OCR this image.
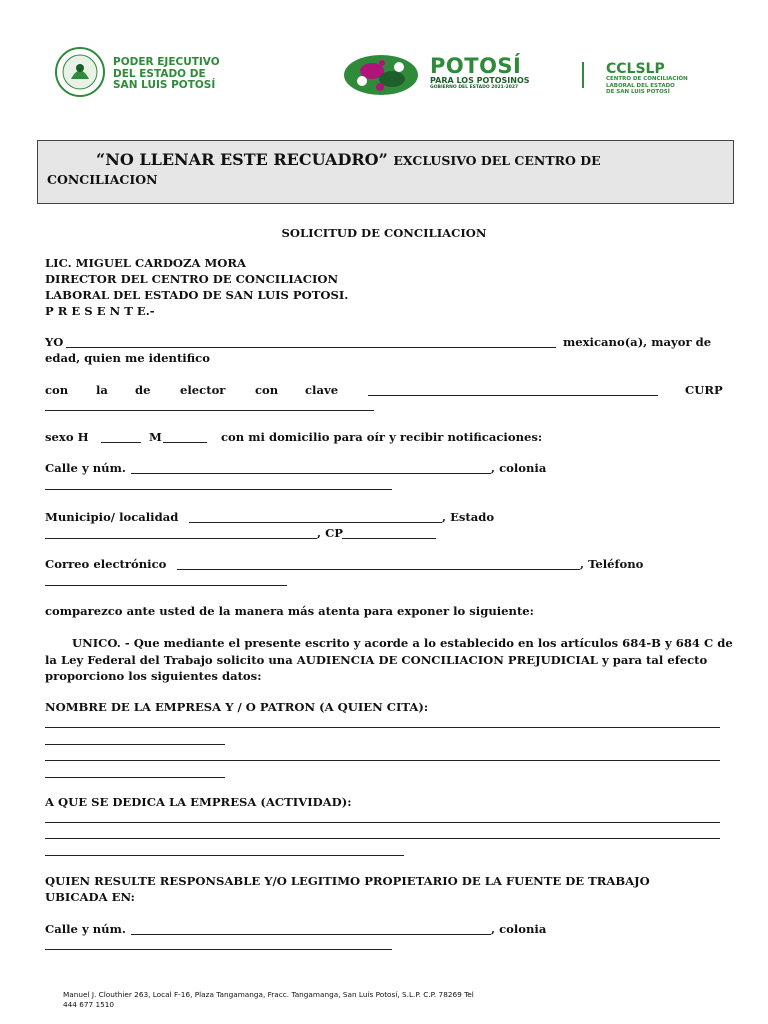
PODER EJECUTIVO
DEL ESTADO DE
SAN LUIS POTOSÍ
POTOSÍ
PARA LOS POTOSINOS
GOBIERNO DEL ESTADO 2021-2027
CCLSLP
CENTRO DE CONCILIACIÓN
LABORAL DEL ESTADO
DE SAN LUIS POTOSÍ
“NO LLENAR ESTE RECUADRO” EXCLUSIVO DEL CENTRO DE
CONCILIACION
SOLICITUD DE CONCILIACION
LIC. MIGUEL CARDOZA MORA
DIRECTOR DEL CENTRO DE CONCILIACION
LABORAL DEL ESTADO DE SAN LUIS POTOSI.
P R E S E N T E.-
YO	mexicano(a), mayor de
edad, quien me identifico
con la de	elector	con clave	CURP
sexo H	M	con mi domicilio para oír y recibir notificaciones:
Calle y núm.	, colonia
Municipio/ localidad	, Estado
, CP
Correo electrónico	, Teléfono
comparezco ante usted de la manera más atenta para exponer lo siguiente:
UNICO. - Que mediante el presente escrito y acorde a lo establecido en los artículos 684-B y 684 C de
la Ley Federal del Trabajo solicito una AUDIENCIA DE CONCILIACION PREJUDICIAL y para tal efecto
proporciono los siguientes datos:
NOMBRE DE LA EMPRESA Y / O PATRON (A QUIEN CITA):
A QUE SE DEDICA LA EMPRESA (ACTIVIDAD):
QUIEN RESULTE RESPONSABLE Y/O LEGITIMO PROPIETARIO DE LA FUENTE DE TRABAJO
UBICADA EN:
Calle y núm.	, colonia
Manuel J. Clouthier 263, Local F-16, Plaza Tangamanga, Fracc. Tangamanga, San Luis Potosí, S.L.P. C.P. 78269 Tel
444 677 1510
